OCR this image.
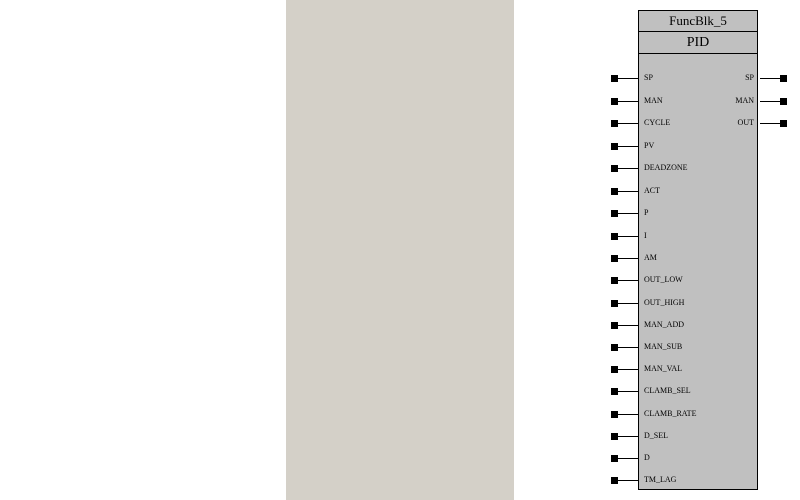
FuncBlk_5
PID
SP
MAN
CYCLE
PV
DEADZONE
ACT
P
I
AM
OUT_LOW
OUT_HIGH
MAN_ADD
MAN_SUB
MAN_VAL
CLAMB_SEL
CLAMB_RATE
D_SEL
D
TM_LAG
SP
MAN
OUT
